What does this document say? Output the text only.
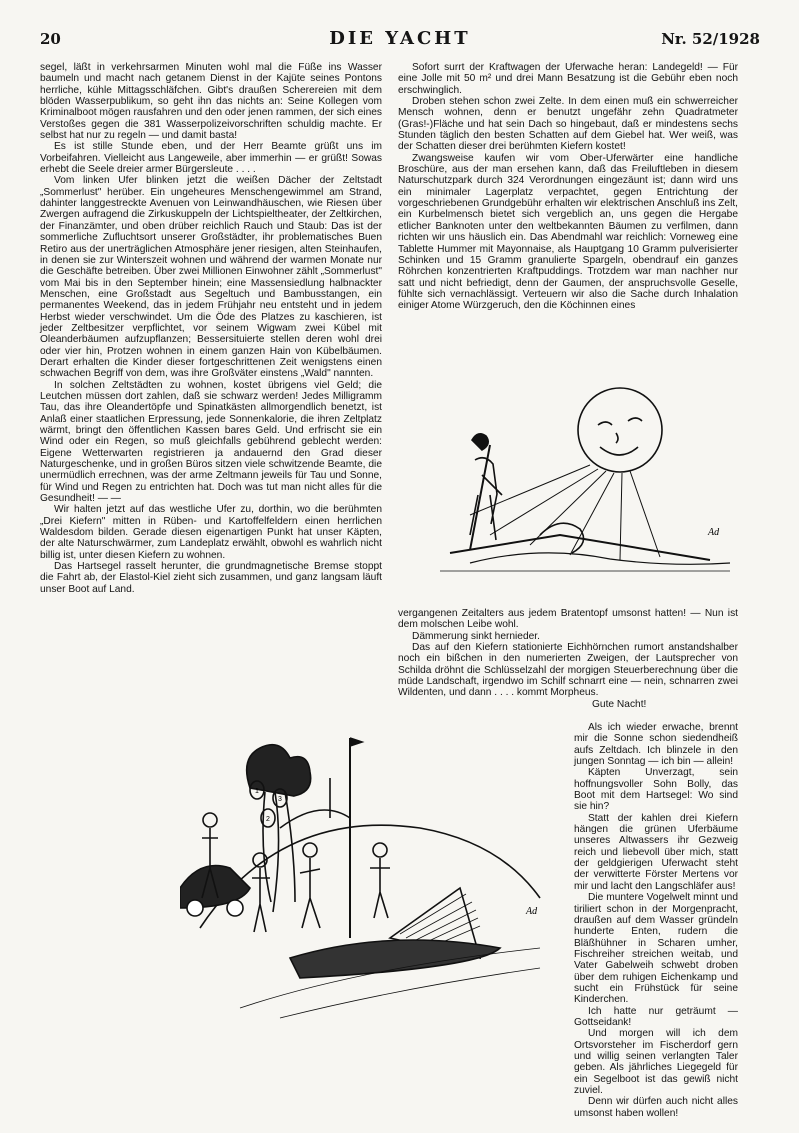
20	DIE YACHT	Nr. 52/1928

segel, läßt in verkehrsarmen Minuten wohl mal die Füße ins Wasser baumeln und macht nach getanem Dienst in der Kajüte seines Pontons herrliche, kühle Mittagsschläfchen. Gibt's draußen Scherereien mit dem blöden Wasserpublikum, so geht ihn das nichts an: Seine Kollegen vom Kriminalboot mögen rausfahren und den oder jenen rammen, der sich eines Verstoßes gegen die 381 Wasserpolizeivorschriften schuldig machte. Er selbst hat nur zu regeln — und damit basta!

Es ist stille Stunde eben, und der Herr Beamte grüßt uns im Vorbeifahren. Vielleicht aus Langeweile, aber immerhin — er grüßt! Sowas erhebt die Seele dreier armer Bürgersleute . . . .

Vom linken Ufer blinken jetzt die weißen Dächer der Zeltstadt „Sommerlust" herüber. Ein ungeheures Menschengewimmel am Strand, dahinter langgestreckte Avenuen von Leinwandhäuschen, wie Riesen über Zwergen aufragend die Zirkuskuppeln der Lichtspieltheater, der Zeltkirchen, der Finanzämter, und oben drüber reichlich Rauch und Staub: Das ist der sommerliche Zufluchtsort unserer Großstädter, ihr problematisches Buen Retiro aus der unerträglichen Atmosphäre jener riesigen, alten Steinhaufen, in denen sie zur Winterszeit wohnen und während der warmen Monate nur die Geschäfte betreiben. Über zwei Millionen Einwohner zählt „Sommerlust" vom Mai bis in den September hinein; eine Massensiedlung halbnackter Menschen, eine Großstadt aus Segeltuch und Bambusstangen, ein permanentes Weekend, das in jedem Frühjahr neu entsteht und in jedem Herbst wieder verschwindet. Um die Öde des Platzes zu kaschieren, ist jeder Zeltbesitzer verpflichtet, vor seinem Wigwam zwei Kübel mit Oleanderbäumen aufzupflanzen; Bessersituierte stellen deren wohl drei oder vier hin, Protzen wohnen in einem ganzen Hain von Kübelbäumen. Derart erhalten die Kinder dieser fortgeschrittenen Zeit wenigstens einen schwachen Begriff von dem, was ihre Großväter einstens „Wald" nannten.

In solchen Zeltstädten zu wohnen, kostet übrigens viel Geld; die Leutchen müssen dort zahlen, daß sie schwarz werden! Jedes Milligramm Tau, das ihre Oleandertöpfe und Spinatkästen allmorgendlich benetzt, ist Anlaß einer staatlichen Erpressung, jede Sonnenkalorie, die ihren Zeltplatz wärmt, bringt den öffentlichen Kassen bares Geld. Und erfrischt sie ein Wind oder ein Regen, so muß gleichfalls gebührend geblecht werden: Eigene Wetterwarten registrieren ja andauernd den Grad dieser Naturgeschenke, und in großen Büros sitzen viele schwitzende Beamte, die unermüdlich errechnen, was der arme Zeltmann jeweils für Tau und Sonne, für Wind und Regen zu entrichten hat. Doch was tut man nicht alles für die Gesundheit! — —

Wir halten jetzt auf das westliche Ufer zu, dorthin, wo die berühmten „Drei Kiefern" mitten in Rüben- und Kartoffelfeldern einen herrlichen Waldesdom bilden. Gerade diesen eigenartigen Punkt hat unser Käpten, der alte Naturschwärmer, zum Landeplatz erwählt, obwohl es wahrlich nicht billig ist, unter diesen Kiefern zu wohnen.

Das Hartsegel rasselt herunter, die grundmagnetische Bremse stoppt die Fahrt ab, der Elastol-Kiel zieht sich zusammen, und ganz langsam läuft unser Boot auf Land.

Sofort surrt der Kraftwagen der Uferwache heran: Landegeld! — Für eine Jolle mit 50 m² und drei Mann Besatzung ist die Gebühr eben noch erschwinglich.

Droben stehen schon zwei Zelte. In dem einen muß ein schwerreicher Mensch wohnen, denn er benutzt ungefähr zehn Quadratmeter (Gras!-)Fläche und hat sein Dach so hingebaut, daß er mindestens sechs Stunden täglich den besten Schatten auf dem Giebel hat. Wer weiß, was der Schatten dieser drei berühmten Kiefern kostet!

Zwangsweise kaufen wir vom Ober-Uferwärter eine handliche Broschüre, aus der man ersehen kann, daß das Freiluftleben in diesem Naturschutzpark durch 324 Verordnungen eingezäunt ist; dann wird uns ein minimaler Lagerplatz verpachtet, gegen Entrichtung der vorgeschriebenen Grundgebühr erhalten wir elektrischen Anschluß ins Zelt, ein Kurbelmensch bietet sich vergeblich an, uns gegen die Hergabe etlicher Banknoten unter den weltbekannten Bäumen zu verfilmen, dann richten wir uns häuslich ein. Das Abendmahl war reichlich: Vorneweg eine Tablette Hummer mit Mayonnaise, als Hauptgang 10 Gramm pulverisierter Schinken und 15 Gramm granulierte Spargeln, obendrauf ein ganzes Röhrchen konzentrierten Kraftpuddings. Trotzdem war man nachher nur satt und nicht befriedigt, denn der Gaumen, der anspruchsvolle Geselle, fühlte sich vernachlässigt. Verteuern wir also die Sache durch Inhalation einiger Atome Würzgeruch, den die Köchinnen eines

Ad

vergangenen Zeitalters aus jedem Bratentopf umsonst hatten! — Nun ist dem molschen Leibe wohl.

Dämmerung sinkt hernieder.

Das auf den Kiefern stationierte Eichhörnchen rumort anstandshalber noch ein bißchen in den numerierten Zweigen, der Lautsprecher von Schilda dröhnt die Schlüsselzahl der morgigen Steuerberechnung über die müde Landschaft, irgendwo im Schilf schnarrt eine — nein, schnarren zwei Wildenten, und dann . . . . kommt Morpheus.

Gute Nacht!

Als ich wieder erwache, brennt mir die Sonne schon siedendheiß aufs Zeltdach. Ich blinzele in den jungen Sonntag — ich bin — allein!

Käpten Unverzagt, sein hoffnungsvoller Sohn Bolly, das Boot mit dem Hartsegel: Wo sind sie hin?

Statt der kahlen drei Kiefern hängen die grünen Uferbäume unseres Altwassers ihr Gezweig reich und liebevoll über mich, statt der geldgierigen Uferwacht steht der verwitterte Förster Mertens vor mir und lacht den Langschläfer aus!

Die muntere Vogelwelt minnt und tiriliert schon in der Morgenpracht, draußen auf dem Wasser gründeln hunderte Enten, rudern die Bläßhühner in Scharen umher, Fischreiher streichen weitab, und Vater Gabelweih schwebt droben über dem ruhigen Eichenkamp und sucht ein Frühstück für seine Kinderchen.

Ich hatte nur geträumt — Gottseidank!

Und morgen will ich dem Ortsvorsteher im Fischerdorf gern und willig seinen verlangten Taler geben. Als jährliches Liegegeld für ein Segelboot ist das gewiß nicht zuviel.

Denn wir dürfen auch nicht alles umsonst haben wollen!

1
2
3
Ad
